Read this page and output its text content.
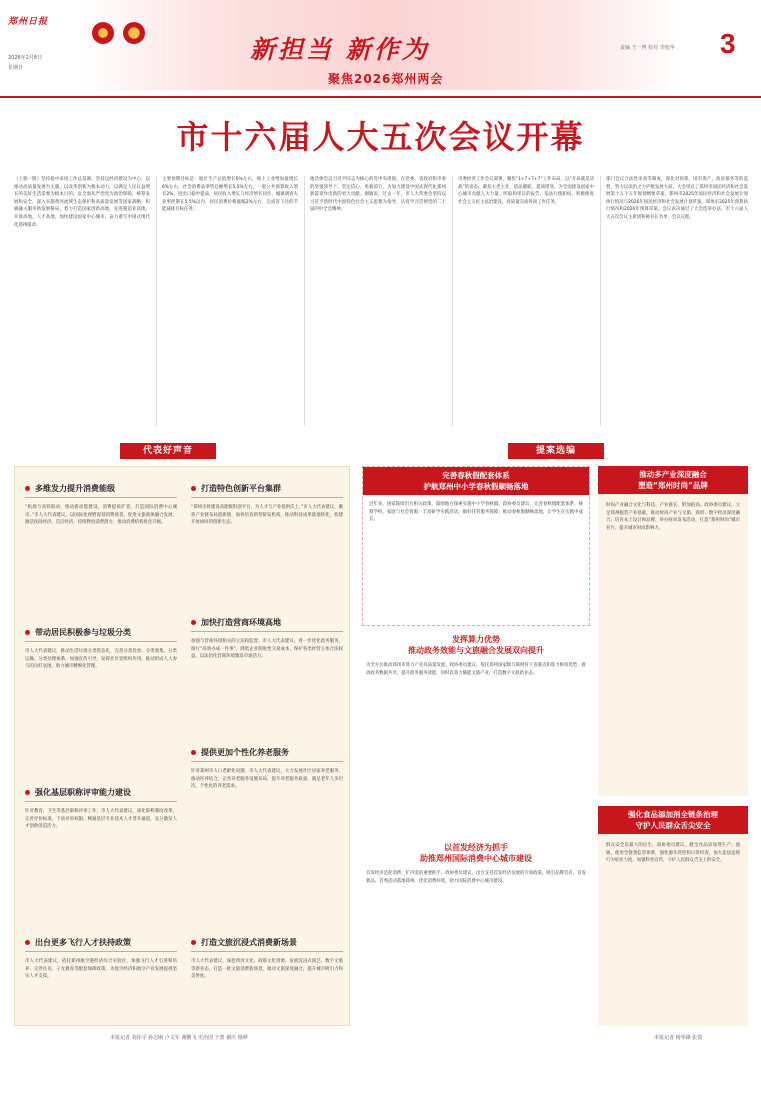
郑州日报
2026年2月8日
星期日

新担当 新作为
聚焦2026郑州两会
责编 王一博 校对 李旭华 3
市十六届人大五次会议开幕
（上接一版）坚持稳中求进工作总基调，坚持以经济建设为中心，以推动高质量发展为主题，以改革创新为根本动力，以满足人民日益增长的美好生活需要为根本目的，以全面从严治党为政治保障，统筹发展和安全，深入实施黄河流域生态保护和高质量发展等国家战略，积极融入服务新发展格局，着力打造国家创新高地、先进制造业高地、开放高地、人才高地，加快建设国家中心城市，奋力谱写中国式现代化郑州篇章。
主要预期目标是：地区生产总值增长6%左右，规上工业增加值增长6%左右，社会消费品零售总额增长5.5%左右，一般公共预算收入增长2%，进出口稳中提质，居民收入增长与经济增长同步，城镇调查失业率控制在5.5%以内，居民消费价格涨幅2%左右，完成省下达的节能减排目标任务。
地话体会以习近平同志为核心的党中央周围，在党委、省政府和市委的坚强领导下，坚定信心、勇毅前行，为加力建设中国式现代化郑州新篇章作出新的更大贡献。谢敏说，过去一年，市人大常委会坚持以习近平新时代中国特色社会主义思想为指导，认真学习贯彻党的二十届四中全会精神。
市委经济工作会议部署，聚焦“1+7+7+7”工作布局，以“开局就是决战”的姿态，紧扣主责主业，依法履职，提质增效，为全面建设国家中心城市贡献人大力量。听取和审议的报告，依法行使职权，积极推进社会主义民主法治建设，高质量完成各项工作任务。
部门会议合法性审查等制度，深化对预算、国有资产、政府债务等的监督，努力以法治之力护航发展大局。大会审议了郑州市国民经济和社会发展第十五个五年规划纲要草案，郑州市2025年国民经济和社会发展计划执行情况与2026年国民经济和社会发展计划草案，郑州市2025年预算执行情况和2026年预算草案。会议表决通过了大会选举办法、市十六届人大五次会议主席团和秘书长名单，会议议程。
代表好声音
多维发力提升消费能级
“机场与高铁联动，推动新动能建设，消费提质扩容，打造国际消费中心城市。”市人大代表建议，以国际化视野谋划消费场景，促进文旅商体融合发展，激活夜间经济、首店经济，持续释放消费潜力，推动消费结构优化升级。
打造特色创新平台集群
“郑州市将建设高能级科创平台，为人才与产业提供沃土，”市人大代表建议，聚焦产业链布局创新链，加快培育新型研发机构，推动科技成果就地转化，构建开放协同的创新生态。
带动居民积极参与垃圾分类
市人大代表建议，推动生活垃圾分类常态化，完善分类投放、分类收集、分类运输、分类处理体系，加强宣传引导，发挥社区党组织作用，推动形成人人参与的良好氛围，助力城市精细化管理。
加快打造营商环境高地
加强与营商环境相关的立法和监督，市人大代表建议，进一步优化政务服务，推行“高效办成一件事”，降低企业制度性交易成本，保护各类经营主体合法权益，以法治化营商环境激发市场活力。
强化基层职称评审能力建设
针对教育、卫生等基层职称评审工作，市人大代表建议，深化职称制度改革，完善评价标准，下放评审权限，畅通基层专业技术人才晋升通道，充分激发人才创新创造活力。
提供更加个性化养老服务
针对郑州市人口老龄化问题，市人大代表建议，大力发展社区居家养老服务，推动医养结合，完善养老服务设施布局，提升养老服务质量，满足老年人多层次、个性化的养老需求。
出台更多飞行人才扶持政策
市人大代表建议，依托郑州航空港经济综合实验区，加强飞行人才引进和培养，完善住房、子女教育等配套保障政策，为低空经济和航空产业发展提供坚实人才支撑。
打造文旅沉浸式消费新场景
市人大代表建议，深挖黄河文化、商都文化资源，发展沉浸式演艺、数字文旅等新业态，打造一批文旅消费新场景，推动文旅深度融合，提升城市吸引力和美誉度。
本报记者 刘伟平 孙志刚 卢文军 谢鹏飞 史治国 王蕾 谢庆 杨晔
提案选编
完善春秋假配套体系
护航郑州中小学春秋假顺畅落地
近年来，国家陆续出台相关政策，鼓励地方探索实施中小学春秋假。政协委员建议，完善春秋假配套体系，统筹学校、家庭与社会资源，丰富研学实践活动，做好托管服务保障，推动春秋假顺畅落地，让学生在实践中成长。
发挥算力优势
推动政务效能与文旅融合发展双向提升
为全方位推动郑州市算力产业高质量发展，政协委员建议，依托郑州国家级互联网骨干直联点和算力枢纽优势，推动政务数据共享，提升政务服务效能，同时以算力赋能文旅产业，打造数字文旅新业态。
以首发经济为抓手
助推郑州国际消费中心城市建设
首发经济是促消费、扩内需的重要抓手。政协委员建议，出台支持首发经济发展的专项政策，吸引品牌首店、首发新品、首秀活动落地郑州，优化消费环境，助力国际消费中心城市建设。
推动多产业深度融合
塑造“郑州时尚”品牌
时尚产业融合文化与科技、产业链长，附加值高。政协委员建议，立足郑州服装产业基础，推动时尚产业与文旅、商贸、数字经济深度融合，培育本土设计师品牌，举办时尚发布活动，打造“郑州时尚”城市名片，提升城市时尚影响力。
强化食品添加剂全链条治理
守护人民群众舌尖安全
群众安全是最大的民生。政协委员建议，健全食品添加剂生产、流通、使用全链条监管体系，强化源头管控和日常检查，加大违法违规行为惩处力度，加强科普宣传，守护人民群众舌尖上的安全。
本报记者 杨华锋 张倩
